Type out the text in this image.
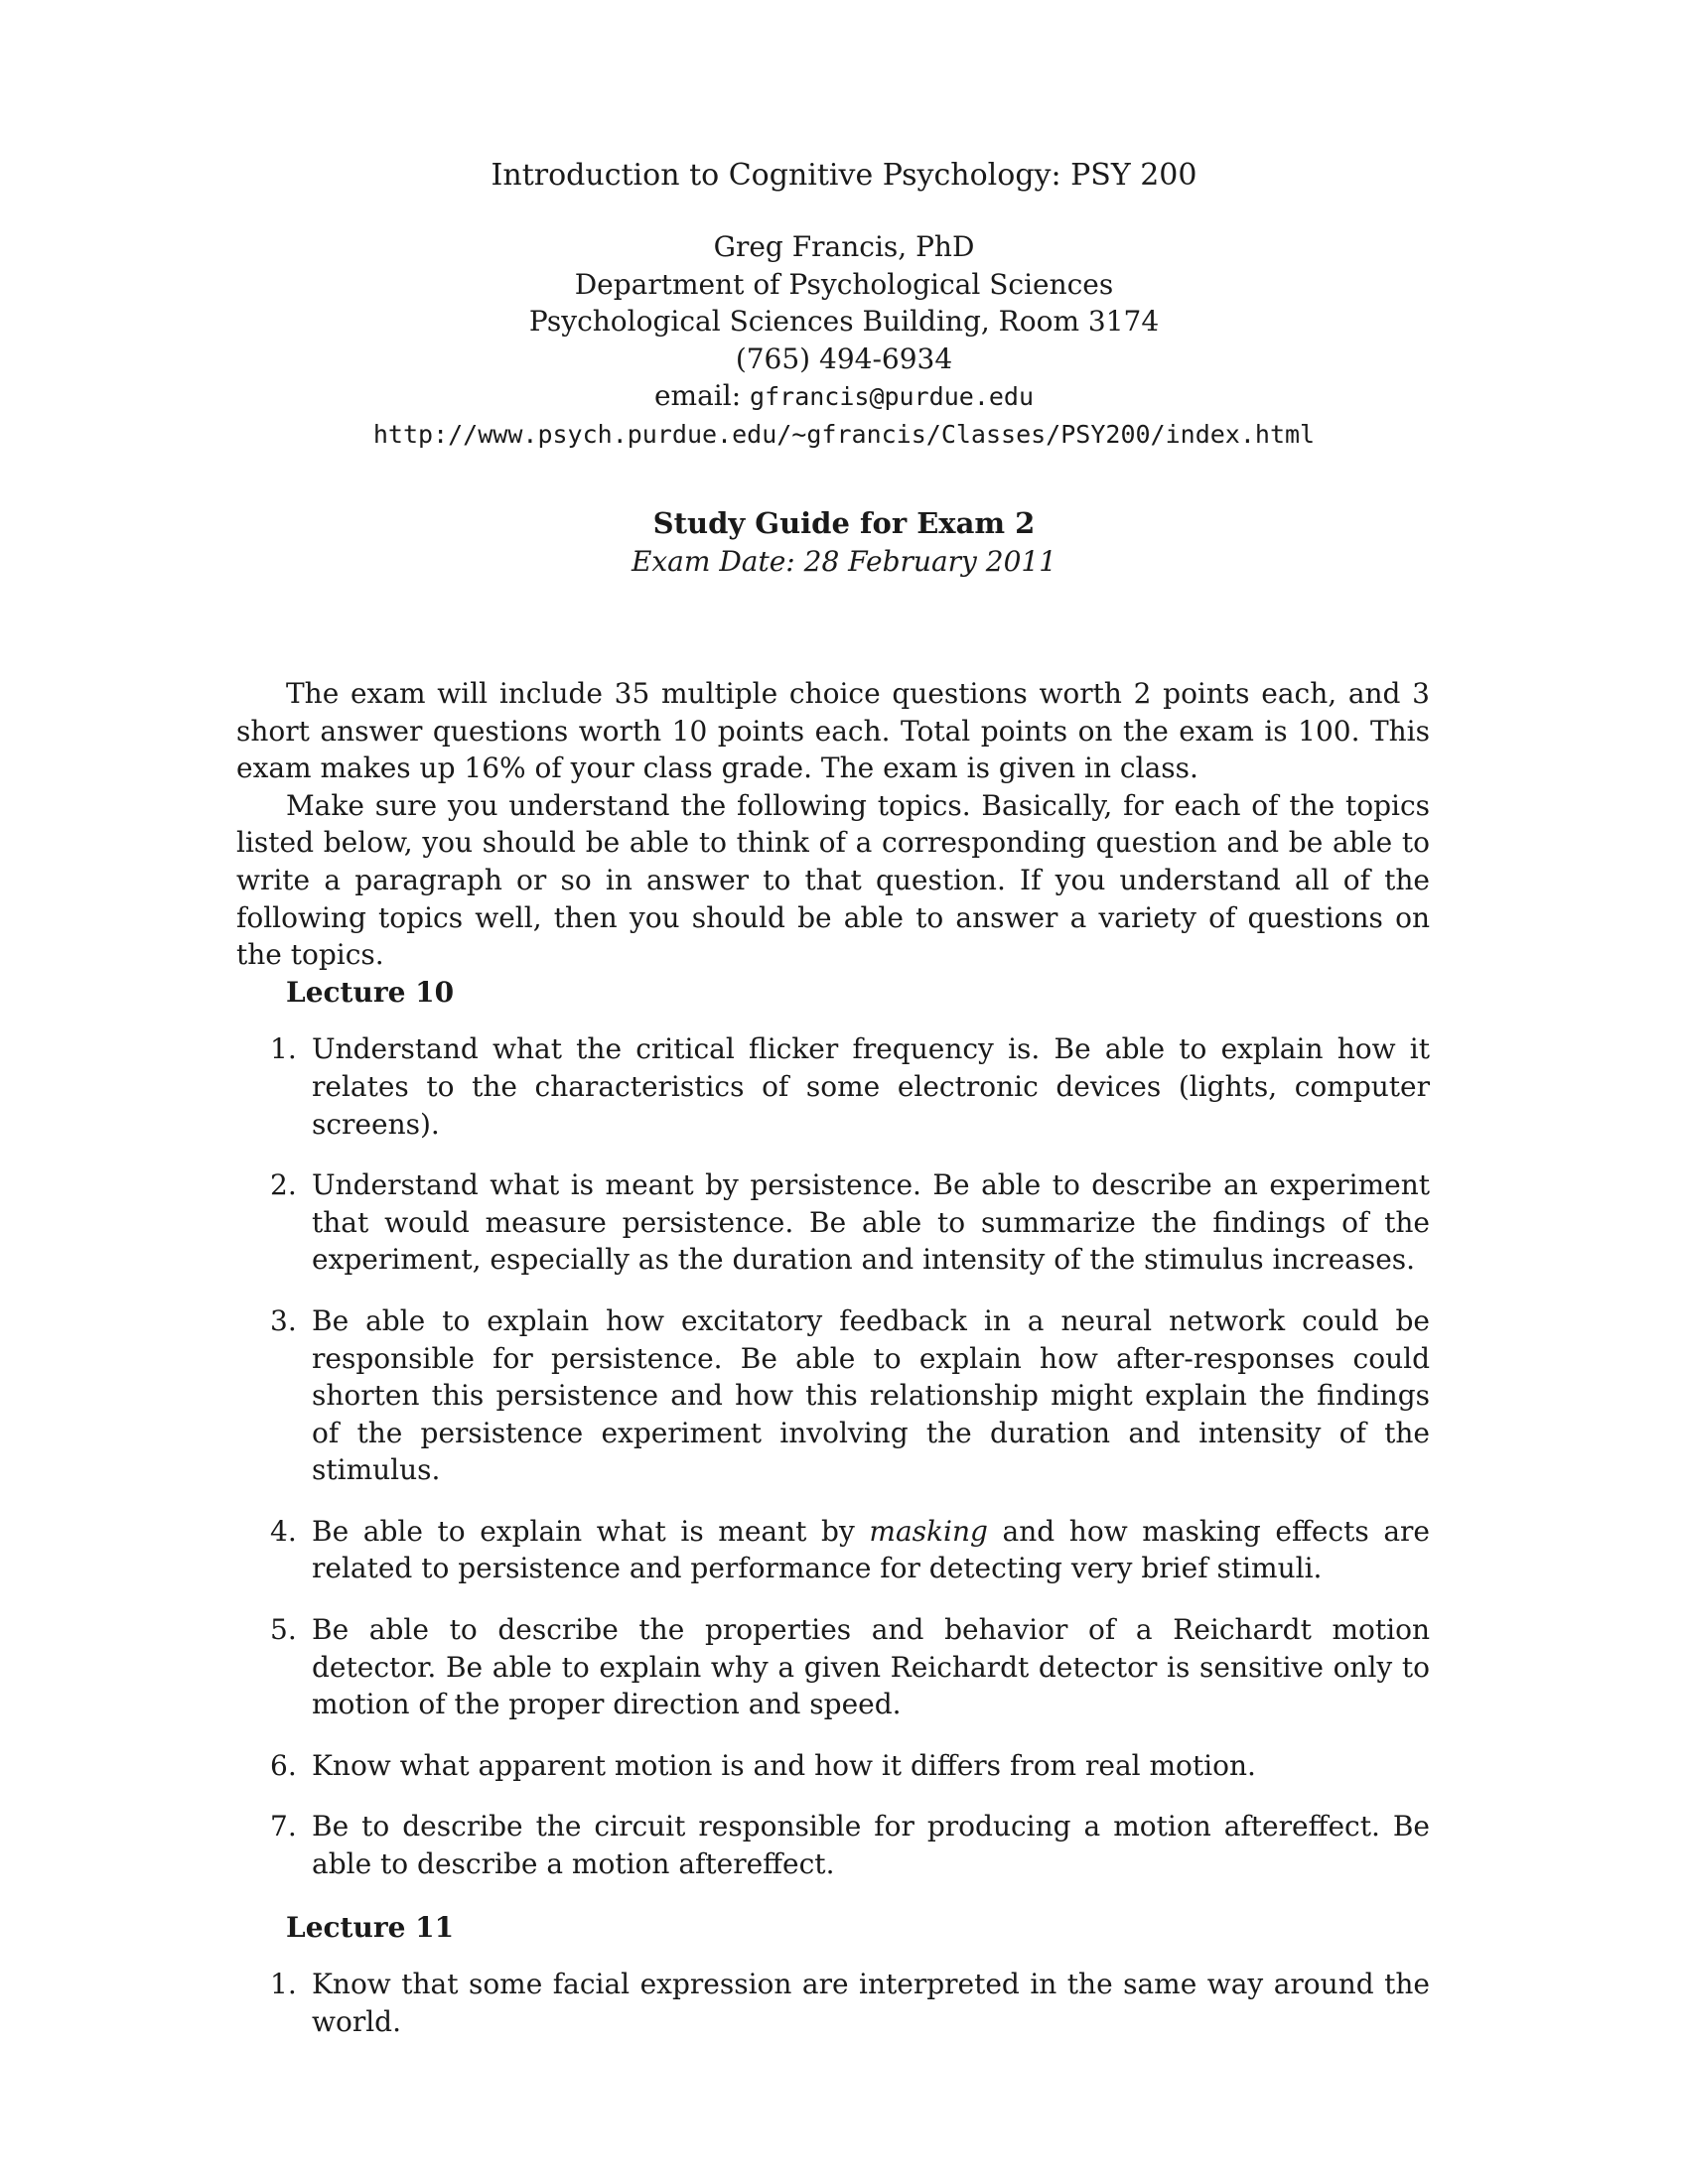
Introduction to Cognitive Psychology: PSY 200
Greg Francis, PhD
Department of Psychological Sciences
Psychological Sciences Building, Room 3174
(765) 494-6934
email: gfrancis@purdue.edu
http://www.psych.purdue.edu/∼gfrancis/Classes/PSY200/index.html
Study Guide for Exam 2
Exam Date: 28 February 2011

The exam will include 35 multiple choice questions worth 2 points each, and 3 short answer questions worth 10 points each. Total points on the exam is 100. This exam makes up 16% of your class grade. The exam is given in class.

Make sure you understand the following topics. Basically, for each of the topics listed below, you should be able to think of a corresponding question and be able to write a paragraph or so in answer to that question. If you understand all of the following topics well, then you should be able to answer a variety of questions on the topics.

Lecture 10
1. Understand what the critical flicker frequency is. Be able to explain how it relates to the characteristics of some electronic devices (lights, computer screens).
2. Understand what is meant by persistence. Be able to describe an experiment that would measure persistence. Be able to summarize the findings of the experiment, especially as the duration and intensity of the stimulus increases.
3. Be able to explain how excitatory feedback in a neural network could be responsible for persistence. Be able to explain how after-responses could shorten this persistence and how this relationship might explain the findings of the persistence experiment involving the duration and intensity of the stimulus.
4. Be able to explain what is meant by masking and how masking effects are related to persistence and performance for detecting very brief stimuli.
5. Be able to describe the properties and behavior of a Reichardt motion detector. Be able to explain why a given Reichardt detector is sensitive only to motion of the proper direction and speed.
6. Know what apparent motion is and how it differs from real motion.
7. Be to describe the circuit responsible for producing a motion aftereffect. Be able to describe a motion aftereffect.
Lecture 11
1. Know that some facial expression are interpreted in the same way around the world.
